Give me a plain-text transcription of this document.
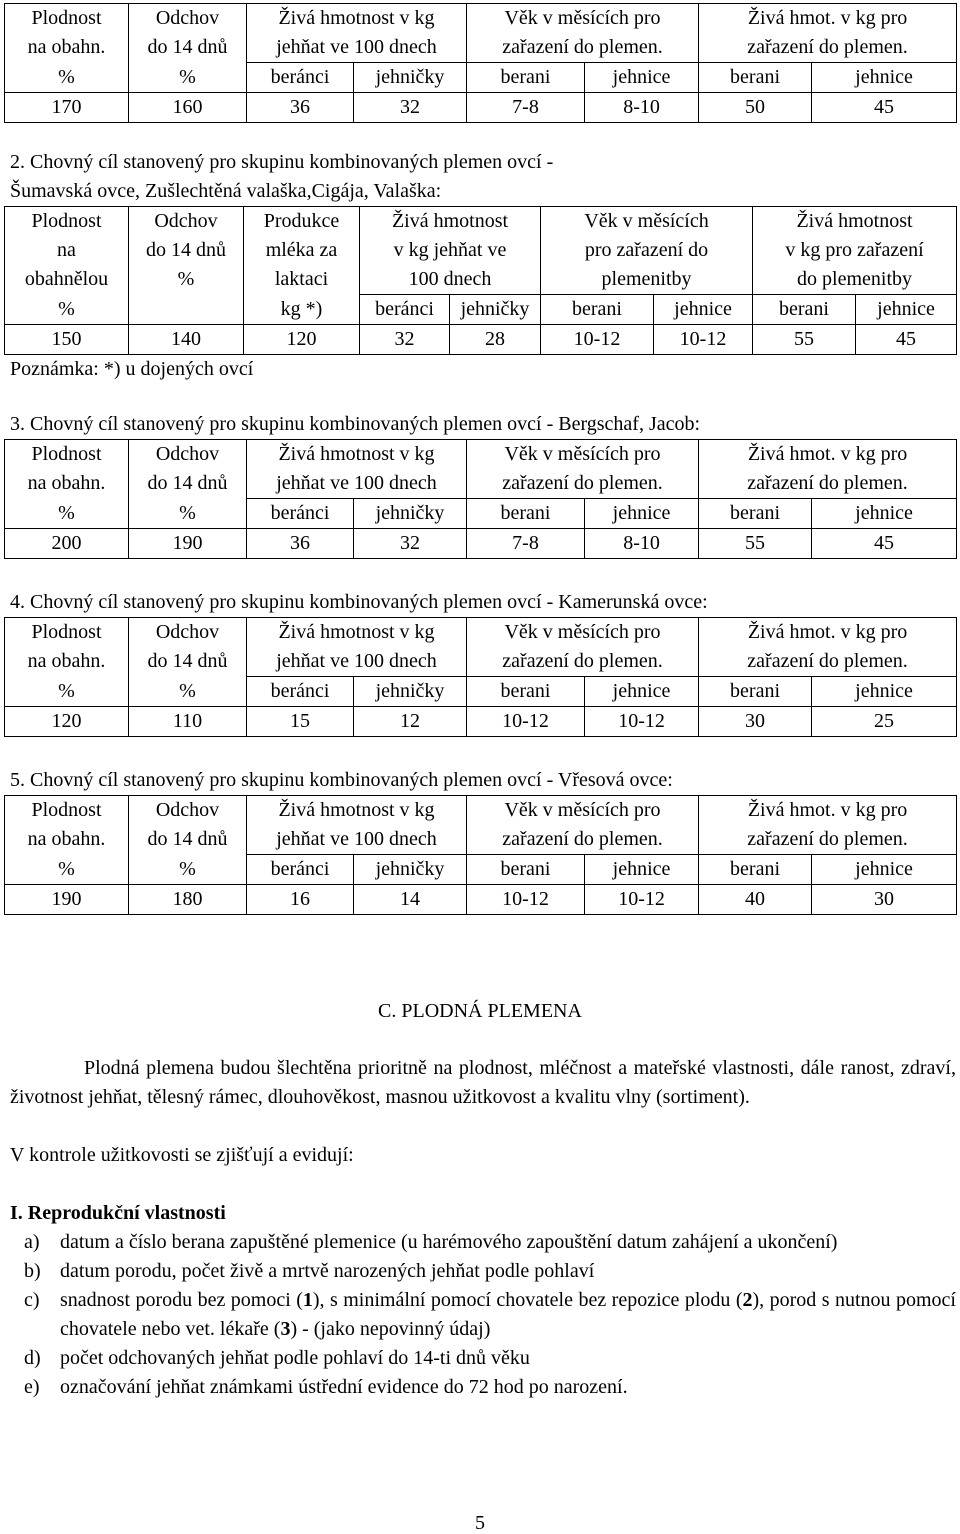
Plodnost	Odchov	Živá hmotnost v kg		Věk v měsících pro		Živá hmot. v kg pro	
na obahn.	do 14 dnů	jehňat ve 100 dnech		zařazení do plemen.		zařazení do plemen.	
%	%	beránci	jehničky	berani	jehnice	berani	jehnice
170	160	36	32	7-8	8-10	50	45

2. Chovný cíl stanovený pro skupinu kombinovaných plemen ovcí -

Šumavská ovce, Zušlechtěná valaška,Cigája, Valaška:

Plodnost	Odchov	Produkce	Živá hmotnost		Věk v měsících		Živá hmotnost	
na	do 14 dnů	mléka za	v kg jehňat ve		pro zařazení do		v kg pro zařazení	
obahnělou	%	laktaci	100 dnech		plemenitby		do plemenitby	
%		kg *)	beránci	jehničky	berani	jehnice	berani	jehnice
150	140	120	32	28	10-12	10-12	55	45
Poznámka: *) u dojených ovcí

3. Chovný cíl stanovený pro skupinu kombinovaných plemen ovcí - Bergschaf, Jacob:

Plodnost	Odchov	Živá hmotnost v kg		Věk v měsících pro		Živá hmot. v kg pro	
na obahn.	do 14 dnů	jehňat ve 100 dnech		zařazení do plemen.		zařazení do plemen.	
%	%	beránci	jehničky	berani	jehnice	berani	jehnice
200	190	36	32	7-8	8-10	55	45

4. Chovný cíl stanovený pro skupinu kombinovaných plemen ovcí - Kamerunská ovce:

Plodnost	Odchov	Živá hmotnost v kg		Věk v měsících pro		Živá hmot. v kg pro	
na obahn.	do 14 dnů	jehňat ve 100 dnech		zařazení do plemen.		zařazení do plemen.	
%	%	beránci	jehničky	berani	jehnice	berani	jehnice
120	110	15	12	10-12	10-12	30	25

5. Chovný cíl stanovený pro skupinu kombinovaných plemen ovcí - Vřesová ovce:

Plodnost	Odchov	Živá hmotnost v kg		Věk v měsících pro		Živá hmot. v kg pro	
na obahn.	do 14 dnů	jehňat ve 100 dnech		zařazení do plemen.		zařazení do plemen.	
%	%	beránci	jehničky	berani	jehnice	berani	jehnice
190	180	16	14	10-12	10-12	40	30
C. PLODNÁ PLEMENA
Plodná plemena budou šlechtěna prioritně na plodnost, mléčnost a mateřské vlastnosti, dále ranost, zdraví, životnost jehňat, tělesný rámec, dlouhověkost, masnou užitkovost a kvalitu vlny (sortiment).
V kontrole užitkovosti se zjišťují a evidují:
I. Reprodukční vlastnosti
a)	datum a číslo berana zapuštěné plemenice (u harémového zapouštění datum zahájení a ukončení)
b) datum porodu, počet živě a mrtvě narozených jehňat podle pohlaví
c)	snadnost porodu bez pomoci (1), s minimální pomocí chovatele bez repozice plodu (2), porod s nutnou pomocí chovatele nebo vet. lékaře (3) - (jako nepovinný údaj)
d) počet odchovaných jehňat podle pohlaví do 14-ti dnů věku
e)	označování jehňat známkami ústřední evidence do 72 hod po narození.
5
